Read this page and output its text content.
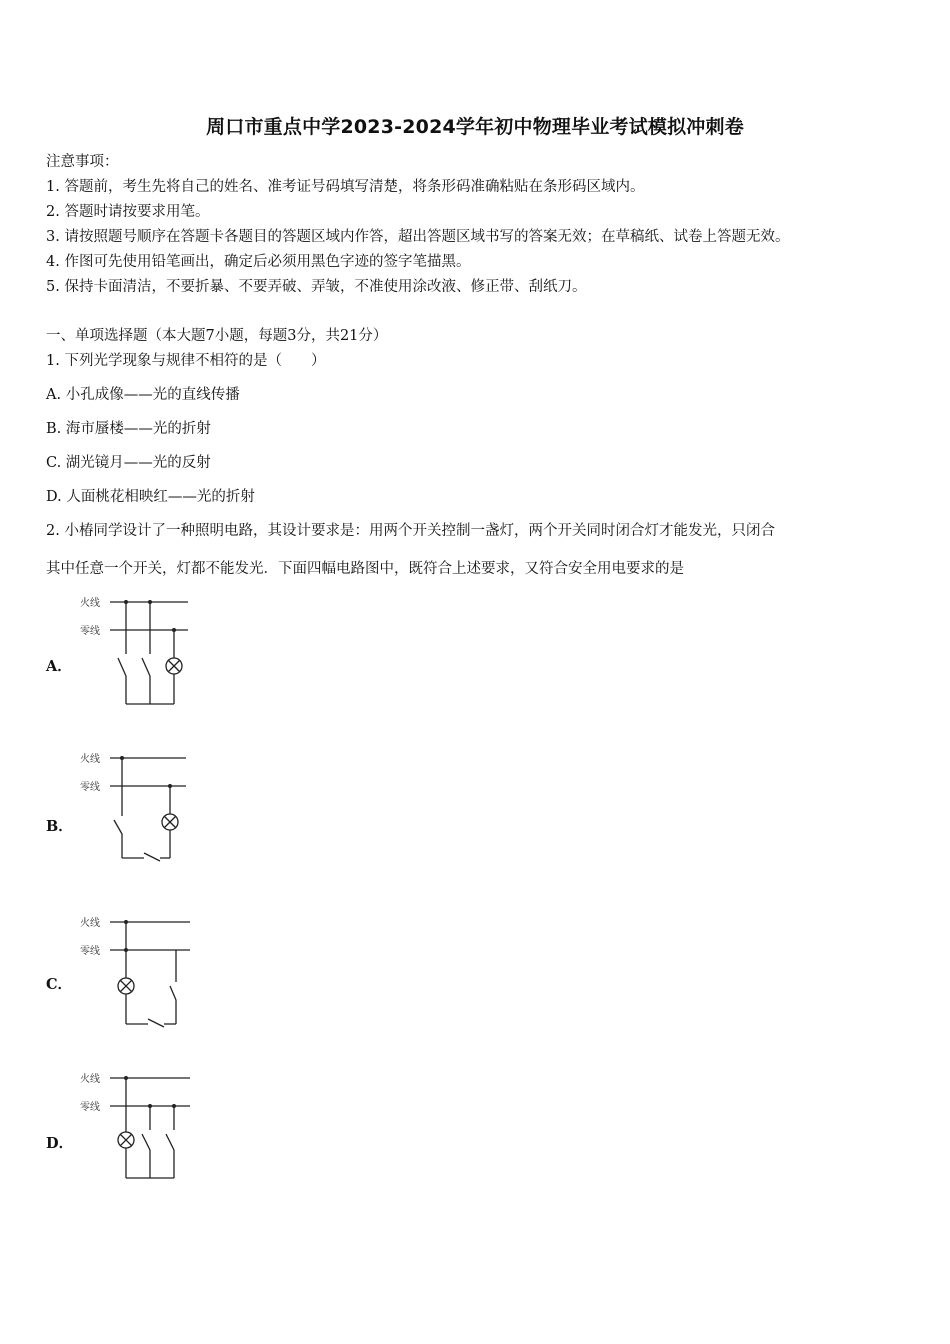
周口市重点中学2023-2024学年初中物理毕业考试模拟冲刺卷
注意事项：
1. 答题前，考生先将自己的姓名、准考证号码填写清楚，将条形码准确粘贴在条形码区域内。
2. 答题时请按要求用笔。
3. 请按照题号顺序在答题卡各题目的答题区域内作答，超出答题区域书写的答案无效；在草稿纸、试卷上答题无效。
4. 作图可先使用铅笔画出，确定后必须用黑色字迹的签字笔描黑。
5. 保持卡面清洁，不要折暴、不要弄破、弄皱，不准使用涂改液、修正带、刮纸刀。
一、单项选择题（本大题7小题，每题3分，共21分）
1. 下列光学现象与规律不相符的是（　　）
A. 小孔成像——光的直线传播
B. 海市蜃楼——光的折射
C. 湖光镜月——光的反射
D. 人面桃花相映红——光的折射
2. 小椿同学设计了一种照明电路，其设计要求是：用两个开关控制一盏灯，两个开关同时闭合灯才能发光，只闭合
其中任意一个开关，灯都不能发光．下面四幅电路图中，既符合上述要求，又符合安全用电要求的是
A．
火线
零线
B．
火线
零线
C．
火线
零线
D．
火线
零线
